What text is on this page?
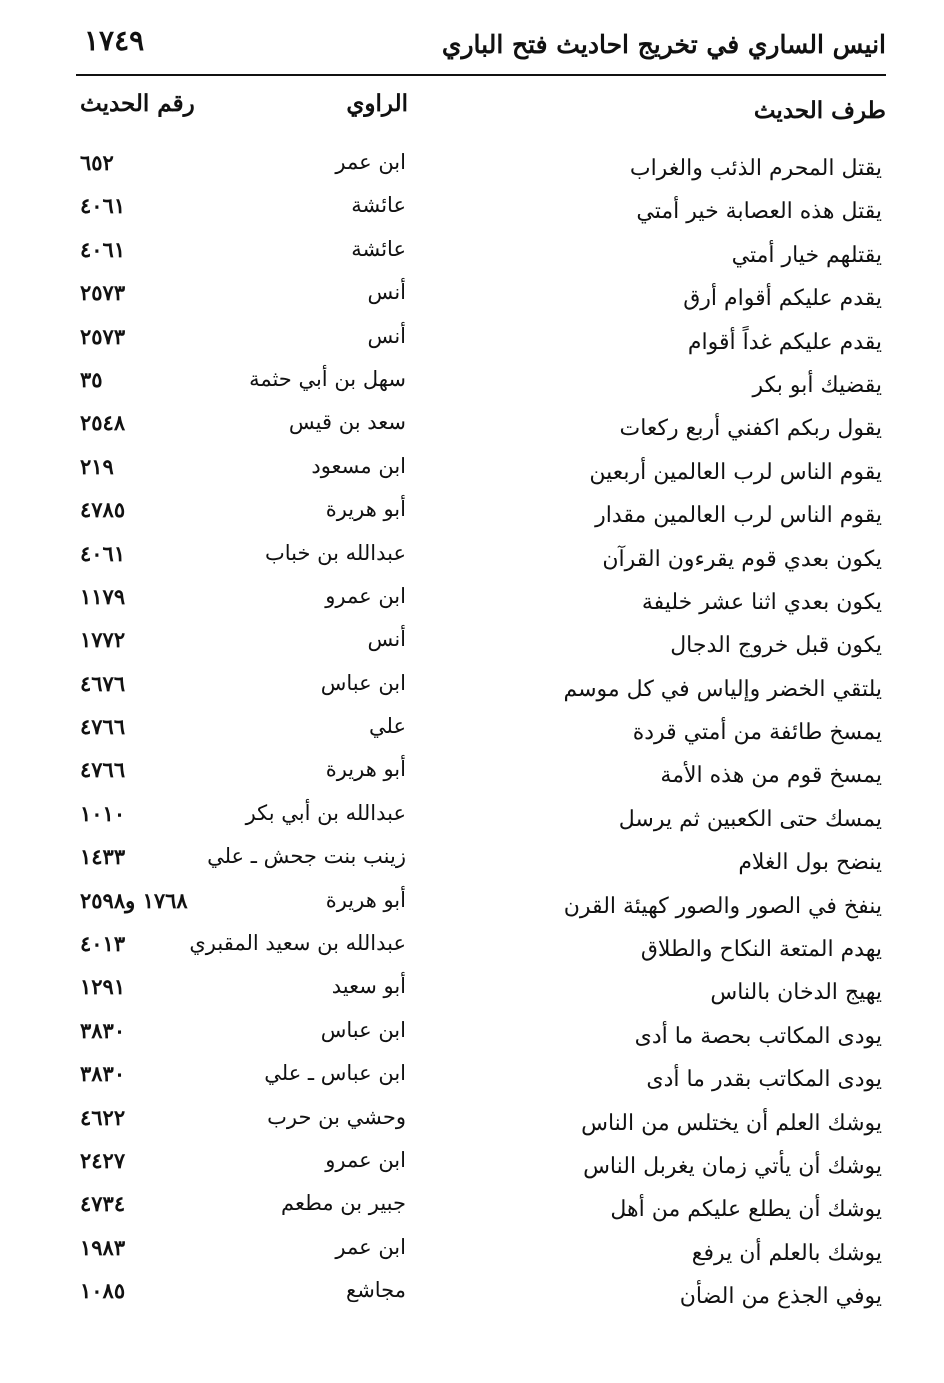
انيس الساري في تخريج احاديث فتح الباري
١٧٤٩
طرف الحديث
الراوي
رقم الحديث
يقتل المحرم الذئب والغراب
ابن عمر
٦٥٢
يقتل هذه العصابة خير أمتي
عائشة
٤٠٦١
يقتلهم خيار أمتي
عائشة
٤٠٦١
يقدم عليكم أقوام أرق
أنس
٢٥٧٣
يقدم عليكم غداً أقوام
أنس
٢٥٧٣
يقضيك أبو بكر
سهل بن أبي حثمة
٣٥
يقول ربكم اكفني أربع ركعات
سعد بن قيس
٢٥٤٨
يقوم الناس لرب العالمين أربعين
ابن مسعود
٢١٩
يقوم الناس لرب العالمين مقدار
أبو هريرة
٤٧٨٥
يكون بعدي قوم يقرءون القرآن
عبدالله بن خباب
٤٠٦١
يكون بعدي اثنا عشر خليفة
ابن عمرو
١١٧٩
يكون قبل خروج الدجال
أنس
١٧٧٢
يلتقي الخضر وإلياس في كل موسم
ابن عباس
٤٦٧٦
يمسخ طائفة من أمتي قردة
علي
٤٧٦٦
يمسخ قوم من هذه الأمة
أبو هريرة
٤٧٦٦
يمسك حتى الكعبين ثم يرسل
عبدالله بن أبي بكر
١٠١٠
ينضح بول الغلام
زينب بنت جحش ـ علي
١٤٣٣
ينفخ في الصور والصور كهيئة القرن
أبو هريرة
١٧٦٨ و٢٥٩٨
يهدم المتعة النكاح والطلاق
عبدالله بن سعيد المقبري
٤٠١٣
يهيج الدخان بالناس
أبو سعيد
١٢٩١
يودى المكاتب بحصة ما أدى
ابن عباس
٣٨٣٠
يودى المكاتب بقدر ما أدى
ابن عباس ـ علي
٣٨٣٠
يوشك العلم أن يختلس من الناس
وحشي بن حرب
٤٦٢٢
يوشك أن يأتي زمان يغربل الناس
ابن عمرو
٢٤٢٧
يوشك أن يطلع عليكم من أهل
جبير بن مطعم
٤٧٣٤
يوشك بالعلم أن يرفع
ابن عمر
١٩٨٣
يوفي الجذع من الضأن
مجاشع
١٠٨٥
